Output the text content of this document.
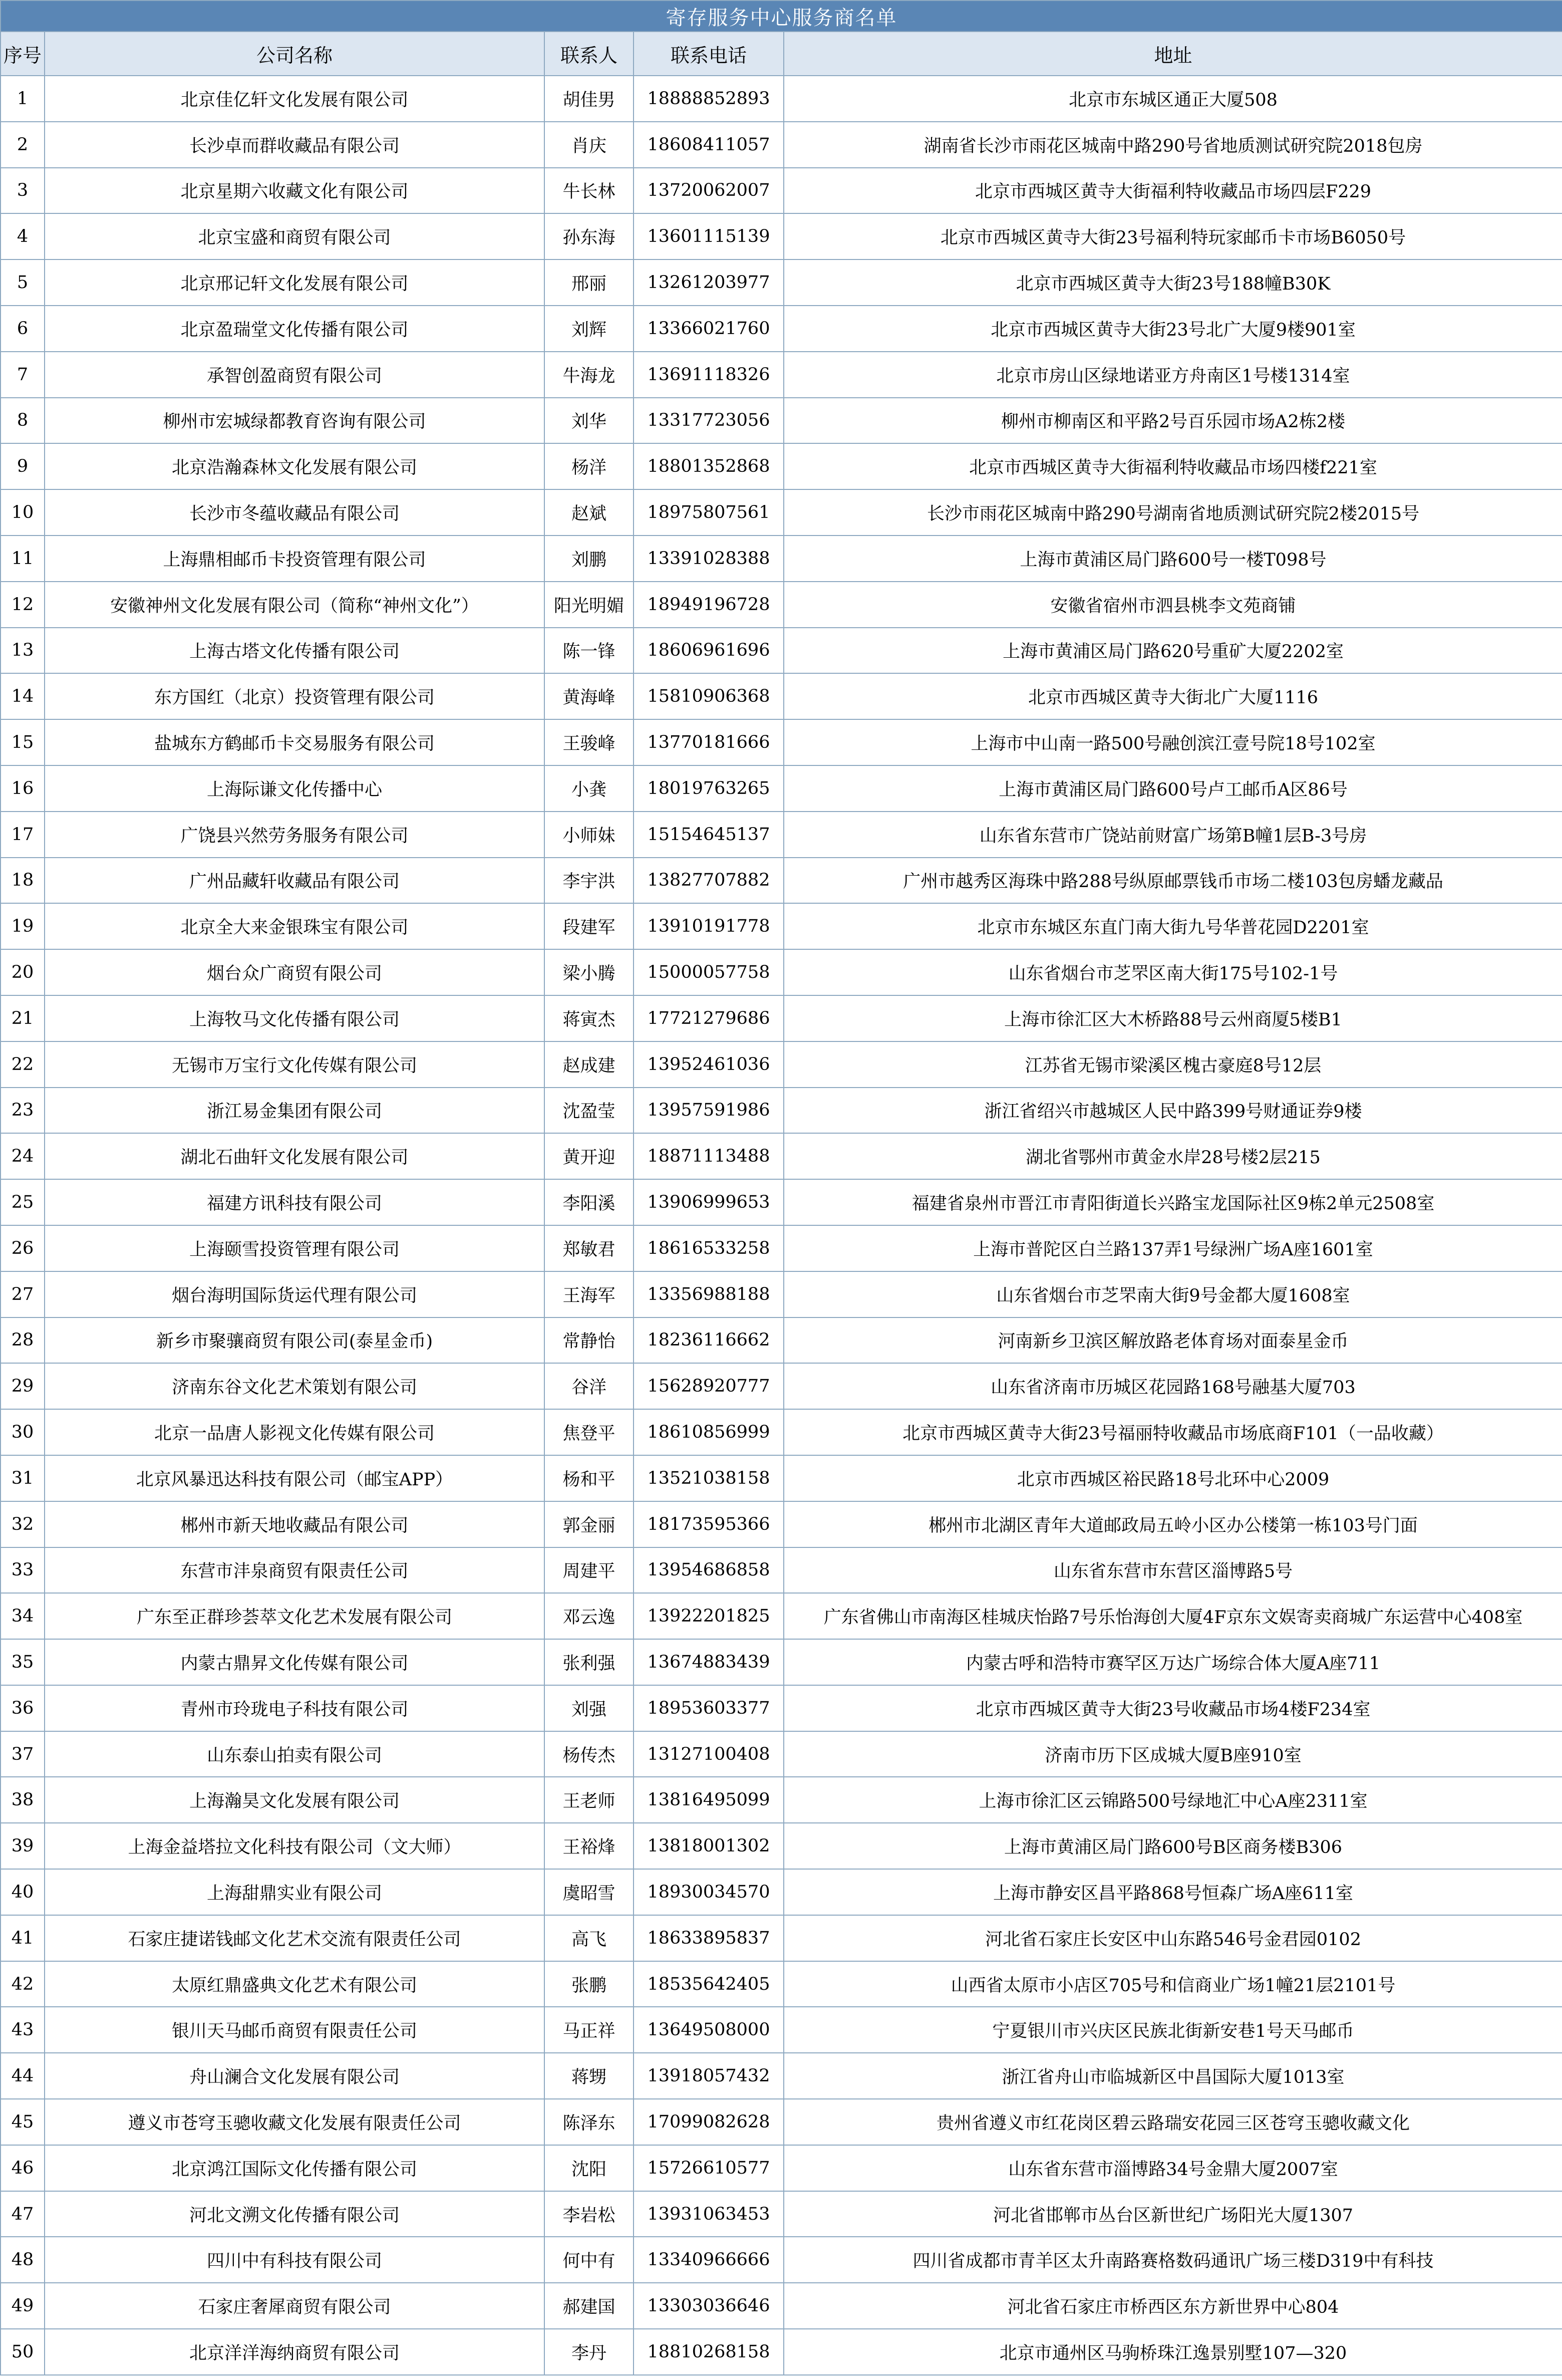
寄存服务中心服务商名单				
序号	公司名称	联系人	联系电话	地址
1	北京佳亿轩文化发展有限公司	胡佳男	18888852893	北京市东城区通正大厦508
2	长沙卓而群收藏品有限公司	肖庆	18608411057	湖南省长沙市雨花区城南中路290号省地质测试研究院2018包房
3	北京星期六收藏文化有限公司	牛长林	13720062007	北京市西城区黄寺大街福利特收藏品市场四层F229
4	北京宝盛和商贸有限公司	孙东海	13601115139	北京市西城区黄寺大街23号福利特玩家邮币卡市场B6050号
5	北京邢记轩文化发展有限公司	邢丽	13261203977	北京市西城区黄寺大街23号188幢B30K
6	北京盈瑞堂文化传播有限公司	刘辉	13366021760	北京市西城区黄寺大街23号北广大厦9楼901室
7	承智创盈商贸有限公司	牛海龙	13691118326	北京市房山区绿地诺亚方舟南区1号楼1314室
8	柳州市宏城绿都教育咨询有限公司	刘华	13317723056	柳州市柳南区和平路2号百乐园市场A2栋2楼
9	北京浩瀚森林文化发展有限公司	杨洋	18801352868	北京市西城区黄寺大街福利特收藏品市场四楼f221室
10	长沙市冬蕴收藏品有限公司	赵斌	18975807561	长沙市雨花区城南中路290号湖南省地质测试研究院2楼2015号
11	上海鼎相邮币卡投资管理有限公司	刘鹏	13391028388	上海市黄浦区局门路600号一楼T098号
12	安徽神州文化发展有限公司（简称“神州文化”）	阳光明媚	18949196728	安徽省宿州市泗县桃李文苑商铺
13	上海古塔文化传播有限公司	陈一锋	18606961696	上海市黄浦区局门路620号重矿大厦2202室
14	东方国红（北京）投资管理有限公司	黄海峰	15810906368	北京市西城区黄寺大街北广大厦1116
15	盐城东方鹤邮币卡交易服务有限公司	王骏峰	13770181666	上海市中山南一路500号融创滨江壹号院18号102室
16	上海际谦文化传播中心	小龚	18019763265	上海市黄浦区局门路600号卢工邮币A区86号
17	广饶县兴然劳务服务有限公司	小师妹	15154645137	山东省东营市广饶站前财富广场第B幢1层B-3号房
18	广州品藏轩收藏品有限公司	李宇洪	13827707882	广州市越秀区海珠中路288号纵原邮票钱币市场二楼103包房蟠龙藏品
19	北京全大来金银珠宝有限公司	段建军	13910191778	北京市东城区东直门南大街九号华普花园D2201室
20	烟台众广商贸有限公司	梁小腾	15000057758	山东省烟台市芝罘区南大街175号102-1号
21	上海牧马文化传播有限公司	蒋寅杰	17721279686	上海市徐汇区大木桥路88号云州商厦5楼B1
22	无锡市万宝行文化传媒有限公司	赵成建	13952461036	江苏省无锡市梁溪区槐古豪庭8号12层
23	浙江易金集团有限公司	沈盈莹	13957591986	浙江省绍兴市越城区人民中路399号财通证券9楼
24	湖北石曲轩文化发展有限公司	黄开迎	18871113488	湖北省鄂州市黄金水岸28号楼2层215
25	福建方讯科技有限公司	李阳溪	13906999653	福建省泉州市晋江市青阳街道长兴路宝龙国际社区9栋2单元2508室
26	上海颐雪投资管理有限公司	郑敏君	18616533258	上海市普陀区白兰路137弄1号绿洲广场A座1601室
27	烟台海明国际货运代理有限公司	王海军	13356988188	山东省烟台市芝罘南大街9号金都大厦1608室
28	新乡市聚骧商贸有限公司(泰星金币)	常静怡	18236116662	河南新乡卫滨区解放路老体育场对面泰星金币
29	济南东谷文化艺术策划有限公司	谷洋	15628920777	山东省济南市历城区花园路168号融基大厦703
30	北京一品唐人影视文化传媒有限公司	焦登平	18610856999	北京市西城区黄寺大街23号福丽特收藏品市场底商F101（一品收藏）
31	北京风暴迅达科技有限公司（邮宝APP）	杨和平	13521038158	北京市西城区裕民路18号北环中心2009
32	郴州市新天地收藏品有限公司	郭金丽	18173595366	郴州市北湖区青年大道邮政局五岭小区办公楼第一栋103号门面
33	东营市沣泉商贸有限责任公司	周建平	13954686858	山东省东营市东营区淄博路5号
34	广东至正群珍荟萃文化艺术发展有限公司	邓云逸	13922201825	广东省佛山市南海区桂城庆怡路7号乐怡海创大厦4F京东文娱寄卖商城广东运营中心408室
35	内蒙古鼎昇文化传媒有限公司	张利强	13674883439	内蒙古呼和浩特市赛罕区万达广场综合体大厦A座711
36	青州市玲珑电子科技有限公司	刘强	18953603377	北京市西城区黄寺大街23号收藏品市场4楼F234室
37	山东泰山拍卖有限公司	杨传杰	13127100408	济南市历下区成城大厦B座910室
38	上海瀚昊文化发展有限公司	王老师	13816495099	上海市徐汇区云锦路500号绿地汇中心A座2311室
39	上海金益塔拉文化科技有限公司（文大师）	王裕烽	13818001302	上海市黄浦区局门路600号B区商务楼B306
40	上海甜鼎实业有限公司	虞昭雪	18930034570	上海市静安区昌平路868号恒森广场A座611室
41	石家庄捷诺钱邮文化艺术交流有限责任公司	高飞	18633895837	河北省石家庄长安区中山东路546号金君园0102
42	太原红鼎盛典文化艺术有限公司	张鹏	18535642405	山西省太原市小店区705号和信商业广场1幢21层2101号
43	银川天马邮币商贸有限责任公司	马正祥	13649508000	宁夏银川市兴庆区民族北街新安巷1号天马邮币
44	舟山澜合文化发展有限公司	蒋甥	13918057432	浙江省舟山市临城新区中昌国际大厦1013室
45	遵义市苍穹玉骢收藏文化发展有限责任公司	陈泽东	17099082628	贵州省遵义市红花岗区碧云路瑞安花园三区苍穹玉骢收藏文化
46	北京鸿江国际文化传播有限公司	沈阳	15726610577	山东省东营市淄博路34号金鼎大厦2007室
47	河北文溯文化传播有限公司	李岩松	13931063453	河北省邯郸市丛台区新世纪广场阳光大厦1307
48	四川中有科技有限公司	何中有	13340966666	四川省成都市青羊区太升南路赛格数码通讯广场三楼D319中有科技
49	石家庄奢犀商贸有限公司	郝建国	13303036646	河北省石家庄市桥西区东方新世界中心804
50	北京洋洋海纳商贸有限公司	李丹	18810268158	北京市通州区马驹桥珠江逸景别墅107—320
